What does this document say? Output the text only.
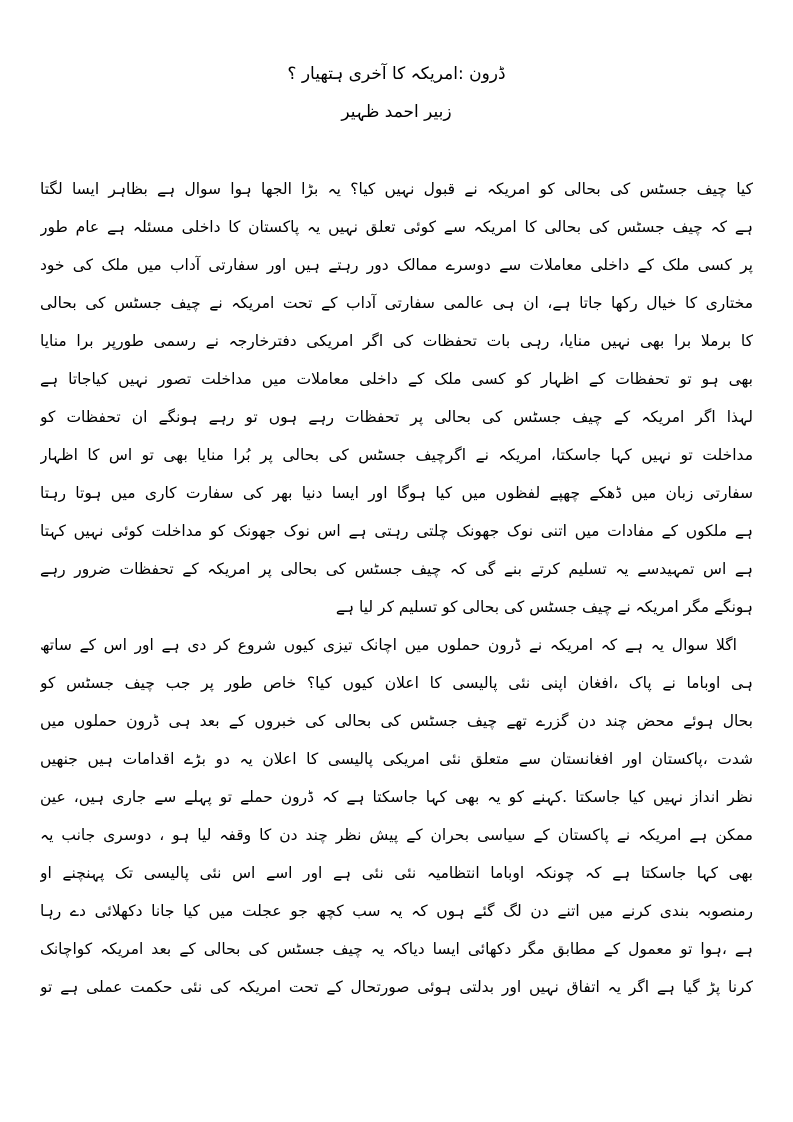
ڈرون :امریکہ کا آخری ہتھیار ؟
زبیر احمد ظہیر
کیا چیف جسٹس کی بحالی کو امریکہ نے قبول نہیں کیا؟ یہ بڑا الجھا ہوا سوال ہے بظاہر ایسا لگتا
ہے کہ چیف جسٹس کی بحالی کا امریکہ سے کوئی تعلق نہیں یہ پاکستان کا داخلی مسئلہ ہے عام طور
پر کسی ملک کے داخلی معاملات سے دوسرے ممالک دور رہتے ہیں اور سفارتی آداب میں ملک کی خود
مختاری کا خیال رکھا جاتا ہے، ان ہی عالمی سفارتی آداب کے تحت امریکہ نے چیف جسٹس کی بحالی
کا برملا برا بھی نہیں منایا، رہی بات تحفظات کی اگر امریکی دفترخارجہ نے رسمی طورپر برا منایا
بھی ہو تو تحفظات کے اظہار کو کسی ملک کے داخلی معاملات میں مداخلت تصور نہیں کیاجاتا ہے
لہذا اگر امریکہ کے چیف جسٹس کی بحالی پر تحفظات رہے ہوں تو رہے ہونگے ان تحفظات کو
مداخلت تو نہیں کہا جاسکتا، امریکہ نے اگرچیف جسٹس کی بحالی پر بُرا منایا بھی تو اس کا اظہار
سفارتی زبان میں ڈھکے چھپے لفظوں میں کیا ہوگا اور ایسا دنیا بھر کی سفارت کاری میں ہوتا رہتا
ہے ملکوں کے مفادات میں اتنی نوک جھونک چلتی رہتی ہے اس نوک جھونک کو مداخلت کوئی نہیں کہتا
ہے اس تمہیدسے یہ تسلیم کرتے بنے گی کہ چیف جسٹس کی بحالی پر امریکہ کے تحفظات ضرور رہے
ہونگے مگر امریکہ نے چیف جسٹس کی بحالی کو تسلیم کر لیا ہے
اگلا سوال یہ ہے کہ امریکہ نے ڈرون حملوں میں اچانک تیزی کیوں شروع کر دی ہے اور اس کے ساتھ
ہی اوباما نے پاک ،افغان اپنی نئی پالیسی کا اعلان کیوں کیا؟ خاص طور پر جب چیف جسٹس کو
بحال ہوئے محض چند دن گزرے تھے چیف جسٹس کی بحالی کی خبروں کے بعد ہی ڈرون حملوں میں
شدت ،پاکستان اور افغانستان سے متعلق نئی امریکی پالیسی کا اعلان یہ دو بڑے اقدامات ہیں جنھیں
نظر انداز نہیں کیا جاسکتا .کہنے کو یہ بھی کہا جاسکتا ہے کہ ڈرون حملے تو پہلے سے جاری ہیں، عین
ممکن ہے امریکہ نے پاکستان کے سیاسی بحران کے پیش نظر چند دن کا وقفہ لیا ہو ، دوسری جانب یہ
بھی کہا جاسکتا ہے کہ چونکہ اوباما انتظامیہ نئی نئی ہے اور اسے اس نئی پالیسی تک پہنچنے او
رمنصوبہ بندی کرنے میں اتنے دن لگ گئے ہوں کہ یہ سب کچھ جو عجلت میں کیا جانا دکھلائی دے رہا
ہے ،ہوا تو معمول کے مطابق مگر دکھائی ایسا دیاکہ یہ چیف جسٹس کی بحالی کے بعد امریکہ کواچانک
کرنا پڑ گیا ہے اگر یہ اتفاق نہیں اور بدلتی ہوئی صورتحال کے تحت امریکہ کی نئی حکمت عملی ہے تو
